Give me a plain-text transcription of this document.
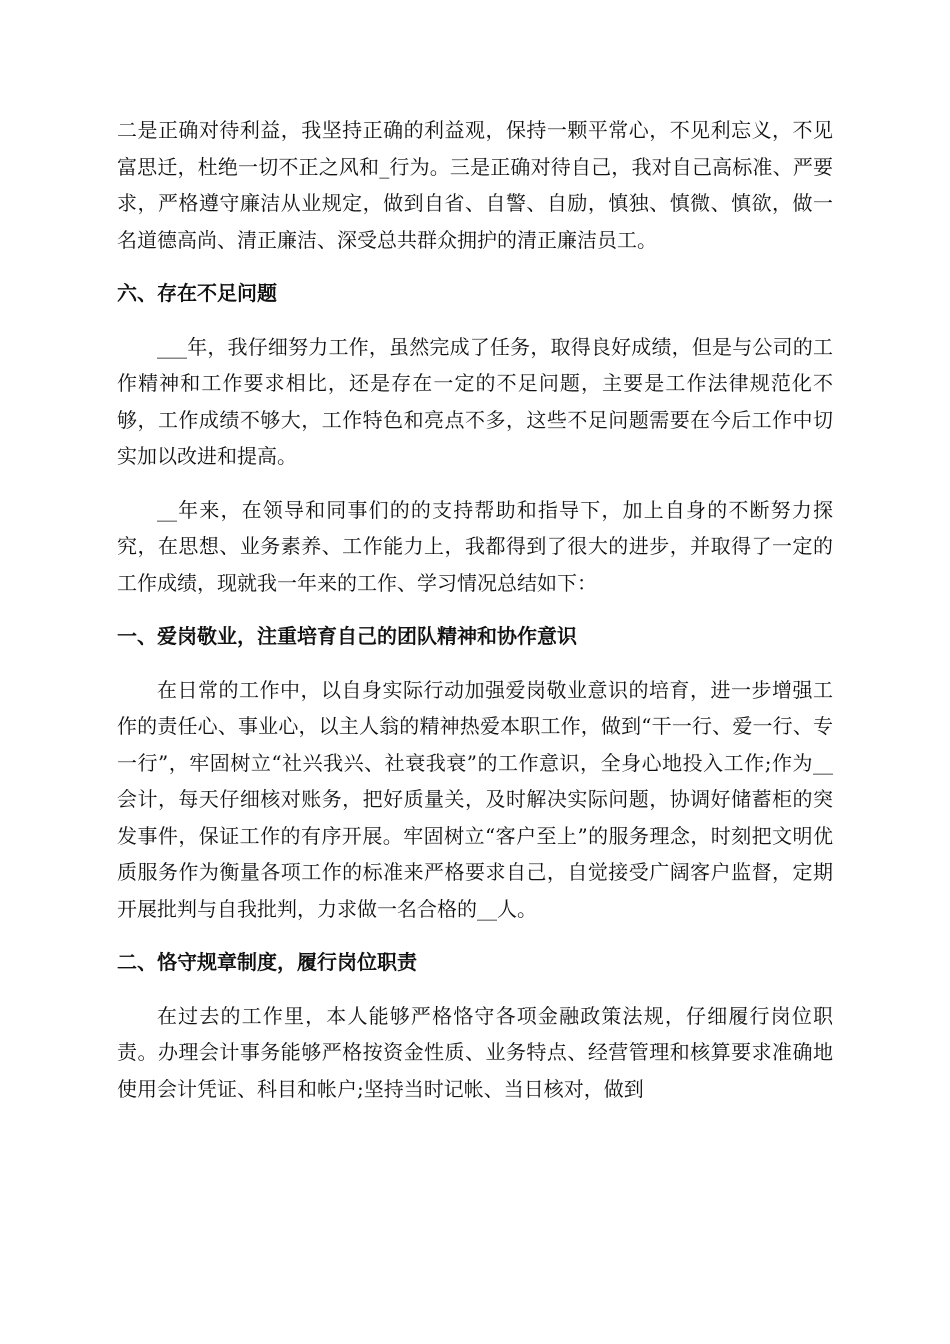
二是正确对待利益，我坚持正确的利益观，保持一颗平常心，不见利忘义，不见富思迁，杜绝一切不正之风和_行为。三是正确对待自己，我对自己高标准、严要求，严格遵守廉洁从业规定，做到自省、自警、自励，慎独、慎微、慎欲，做一名道德高尚、清正廉洁、深受总共群众拥护的清正廉洁员工。

六、存在不足问题

___年，我仔细努力工作，虽然完成了任务，取得良好成绩，但是与公司的工作精神和工作要求相比，还是存在一定的不足问题，主要是工作法律规范化不够，工作成绩不够大，工作特色和亮点不多，这些不足问题需要在今后工作中切实加以改进和提高。

__年来，在领导和同事们的的支持帮助和指导下，加上自身的不断努力探究，在思想、业务素养、工作能力上，我都得到了很大的进步，并取得了一定的工作成绩，现就我一年来的工作、学习情况总结如下：

一、爱岗敬业，注重培育自己的团队精神和协作意识

在日常的工作中，以自身实际行动加强爱岗敬业意识的培育，进一步增强工作的责任心、事业心，以主人翁的精神热爱本职工作，做到“干一行、爱一行、专一行”，牢固树立“社兴我兴、社衰我衰”的工作意识，全身心地投入工作;作为__会计，每天仔细核对账务，把好质量关，及时解决实际问题，协调好储蓄柜的突发事件，保证工作的有序开展。牢固树立“客户至上”的服务理念，时刻把文明优质服务作为衡量各项工作的标准来严格要求自己，自觉接受广阔客户监督，定期开展批判与自我批判，力求做一名合格的__人。

二、恪守规章制度，履行岗位职责

在过去的工作里，本人能够严格恪守各项金融政策法规，仔细履行岗位职责。办理会计事务能够严格按资金性质、业务特点、经营管理和核算要求准确地使用会计凭证、科目和帐户;坚持当时记帐、当日核对，做到
